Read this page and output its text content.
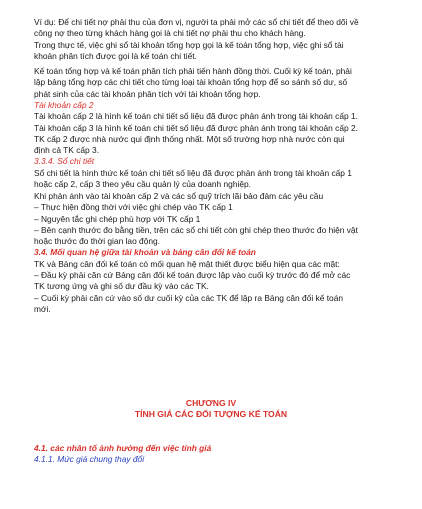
Ví dụ: Để chi tiết nợ phải thu của đơn vị, người ta phải mở các sổ chi tiết để theo dõi về
công nợ theo từng khách hàng gọi là chi tiết nợ phải thu cho khách hàng.
Trong thực tế, việc ghi sổ tài khoản tổng hợp gọi là kế toán tổng hợp, việc ghi sổ tài
khoản phân tích được gọi là kế toán chi tiết.
Kế toán tổng hợp và kế toán phân tích phải tiến hành đồng thời. Cuối kỳ kế toán, phải
lập bảng tổng hợp các chi tiết cho từng loại tài khoản tổng hợp để so sánh số dư, số
phát sinh của các tài khoản phân tích với tài khoản tổng hợp.
Tài khoản cấp 2
Tài khoản cấp 2 là hình kế toán chi tiết số liệu đã được phản ánh trong tài khoản cấp 1.
Tài khoản cấp 3 là hình kế toán chi tiết số liệu đã được phản ánh trong tài khoản cấp 2.
TK cấp 2 được nhà nước qui định thống nhất. Một số trường hợp nhà nước còn qui
định cả TK cấp 3.
3.3.4. Sổ chi tiết
Sổ chi tiết là hình thức kế toán chi tiết số liệu đã được phản ánh trong tài khoản cấp 1
hoặc cấp 2, cấp 3 theo yêu cầu quản lý của doanh nghiệp.
Khi phản ánh vào tài khoản cấp 2 và các sổ quỹ trích lãi bảo đảm các yêu cầu
– Thực hiện đồng thời với việc ghi chép vào TK cấp 1
– Nguyên tắc ghi chép phù hợp với TK cấp 1
– Bên cạnh thước đo bằng tiền, trên các sổ chi tiết còn ghi chép theo thước đo hiện vật
hoặc thước đo thời gian lao động.
3.4. Mối quan hệ giữa tài khoản và bảng cân đối kế toán
TK và Bảng cân đối kế toán có mối quan hệ mật thiết được biểu hiện qua các mặt:
– Đầu kỳ phải căn cứ Bảng cân đối kế toán được lập vào cuối kỳ trước đó để mở các
TK tương ứng và ghi số dư đầu kỳ vào các TK.
– Cuối kỳ phải căn cứ vào số dư cuối kỳ của các TK để lập ra Bảng cân đối kế toán
mới.
CHƯƠNG IV
TÍNH GIÁ CÁC ĐỐI TƯỢNG KẾ TOÁN
4.1. các nhân tố ảnh hưởng đến việc tính giá
4.1.1. Mức giá chung thay đổi
